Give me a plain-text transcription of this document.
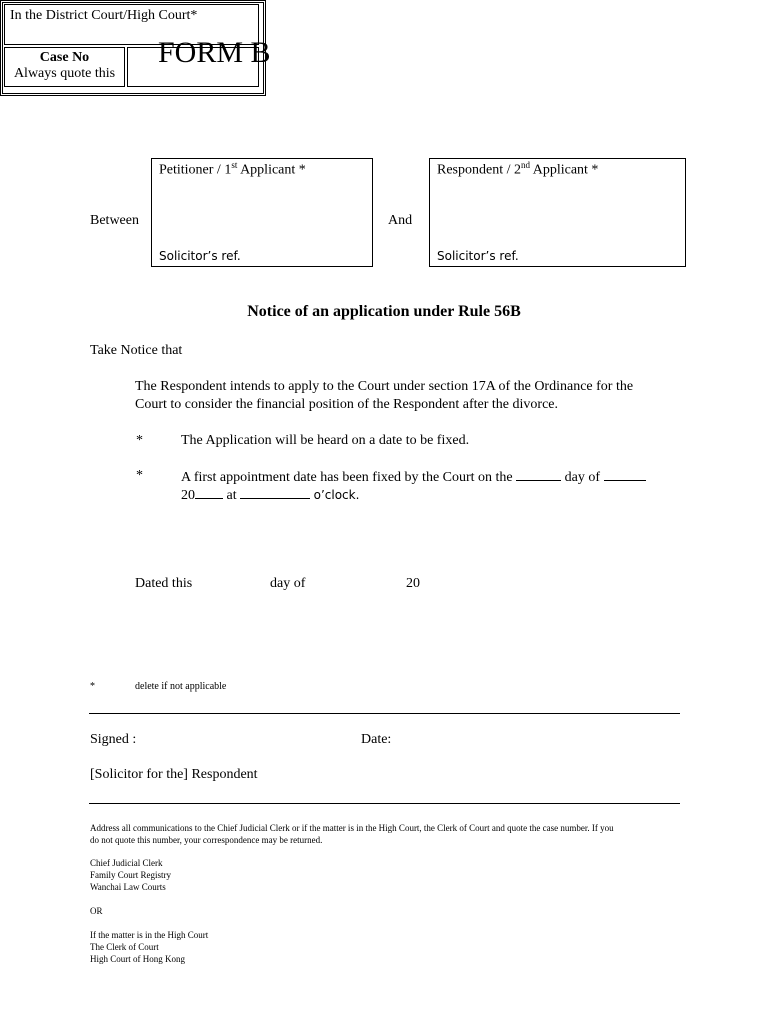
FORM B
In the District Court/High Court*
Case No
Always quote this
Between
Petitioner / 1st Applicant *
Solicitor’s ref.
And
Respondent / 2nd Applicant *
Solicitor’s ref.
Notice of an application under Rule 56B
Take Notice that
The Respondent intends to apply to the Court under section 17A of the Ordinance for the
Court to consider the financial position of the Respondent after the divorce.
*	The Application will be heard on a date to be fixed.
*	A first appointment date has been fixed by the Court on the	day of
20 at	o’clock.
Dated this	day of	20
*	delete if not applicable
Signed :	Date:
[Solicitor for the] Respondent
Address all communications to the Chief Judicial Clerk or if the matter is in the High Court, the Clerk of Court and quote the case number. If you
do not quote this number, your correspondence may be returned.
Chief Judicial Clerk
Family Court Registry
Wanchai Law Courts
OR
If the matter is in the High Court
The Clerk of Court
High Court of Hong Kong
